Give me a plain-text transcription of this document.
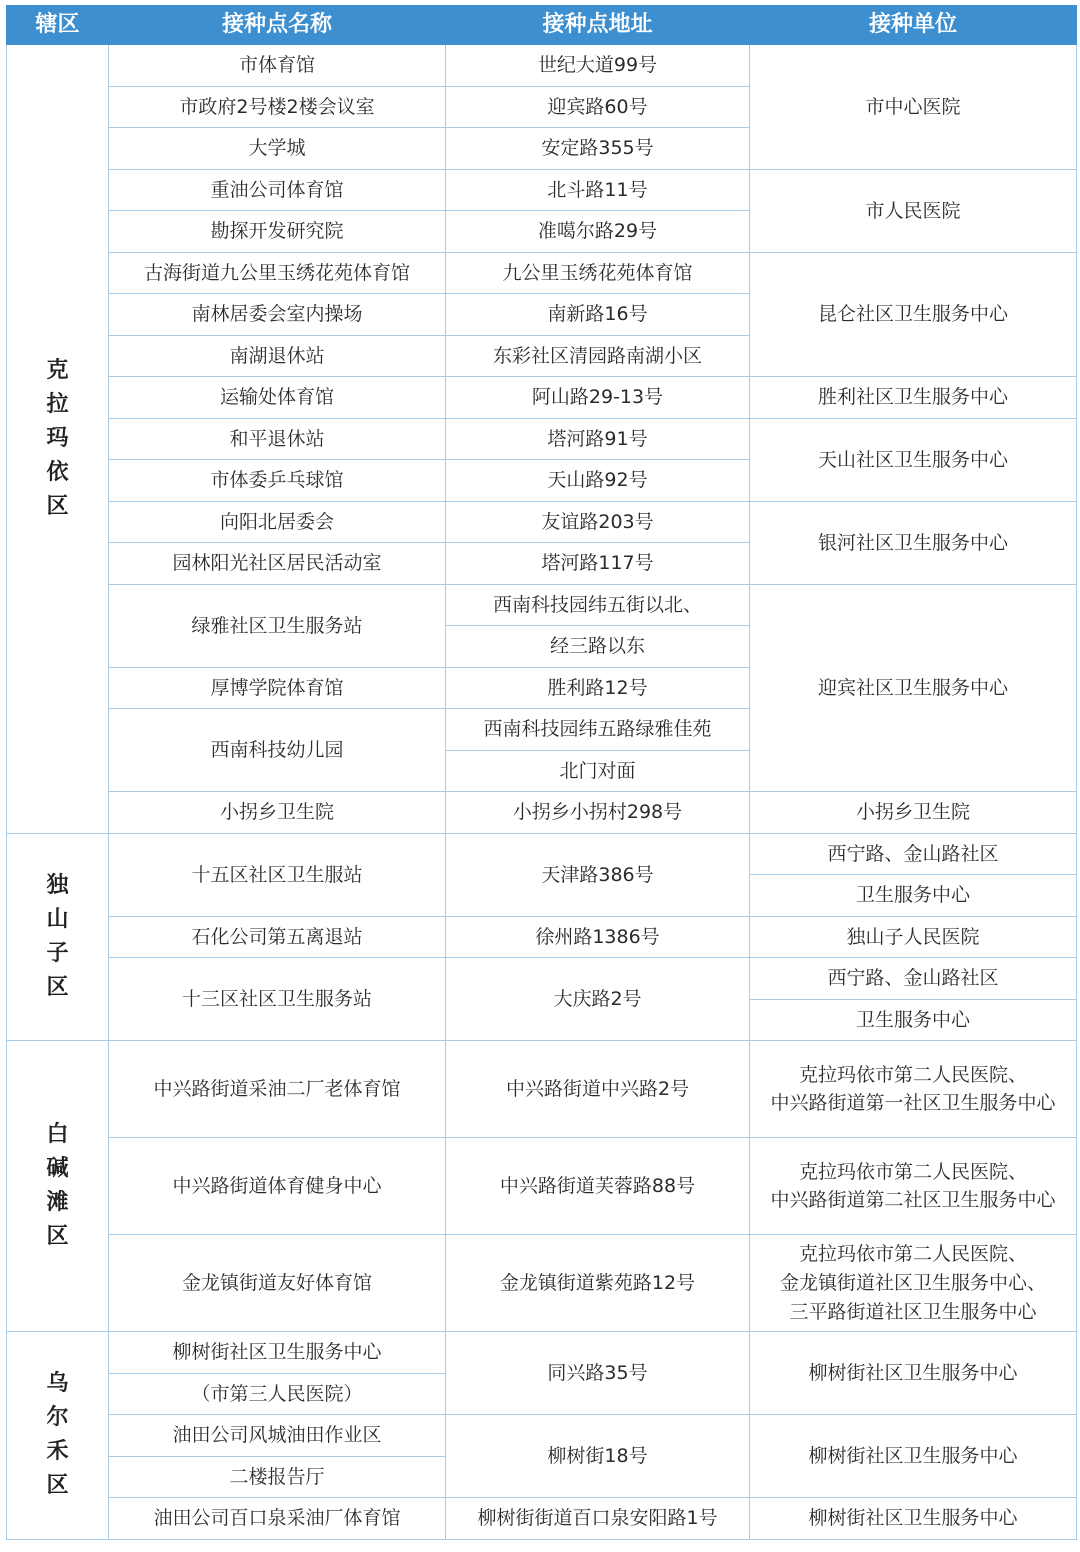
辖区	接种点名称	接种点地址	接种单位
克拉玛依区	市体育馆	世纪大道99号	市中心医院
	市政府2号楼2楼会议室	迎宾路60号	
	大学城	安定路355号	
	重油公司体育馆	北斗路11号	市人民医院
	勘探开发研究院	准噶尔路29号	
	古海街道九公里玉绣花苑体育馆	九公里玉绣花苑体育馆	昆仑社区卫生服务中心
	南林居委会室内操场	南新路16号	
	南湖退休站	东彩社区清园路南湖小区	
	运输处体育馆	阿山路29-13号	胜利社区卫生服务中心
	和平退休站	塔河路91号	天山社区卫生服务中心
	市体委乒乓球馆	天山路92号	
	向阳北居委会	友谊路203号	银河社区卫生服务中心
	园林阳光社区居民活动室	塔河路117号	
	绿雅社区卫生服务站	西南科技园纬五街以北、	迎宾社区卫生服务中心
		经三路以东	
	厚博学院体育馆	胜利路12号	
	西南科技幼儿园	西南科技园纬五路绿雅佳苑	
		北门对面	
	小拐乡卫生院	小拐乡小拐村298号	小拐乡卫生院
独山子区	十五区社区卫生服站	天津路386号	西宁路、金山路社区
			卫生服务中心
	石化公司第五离退站	徐州路1386号	独山子人民医院
	十三区社区卫生服务站	大庆路2号	西宁路、金山路社区
			卫生服务中心
白碱滩区	中兴路街道采油二厂老体育馆	中兴路街道中兴路2号	克拉玛依市第二人民医院、
中兴路街道第一社区卫生服务中心

	中兴路街道体育健身中心	中兴路街道芙蓉路88号	克拉玛依市第二人民医院、
中兴路街道第二社区卫生服务中心

	金龙镇街道友好体育馆	金龙镇街道紫苑路12号	克拉玛依市第二人民医院、
金龙镇街道社区卫生服务中心、
三平路街道社区卫生服务中心

乌尔禾区	柳树街社区卫生服务中心	同兴路35号	柳树街社区卫生服务中心
	（市第三人民医院）		
	油田公司风城油田作业区	柳树街18号	柳树街社区卫生服务中心
	二楼报告厅		
	油田公司百口泉采油厂体育馆	柳树街街道百口泉安阳路1号	柳树街社区卫生服务中心
